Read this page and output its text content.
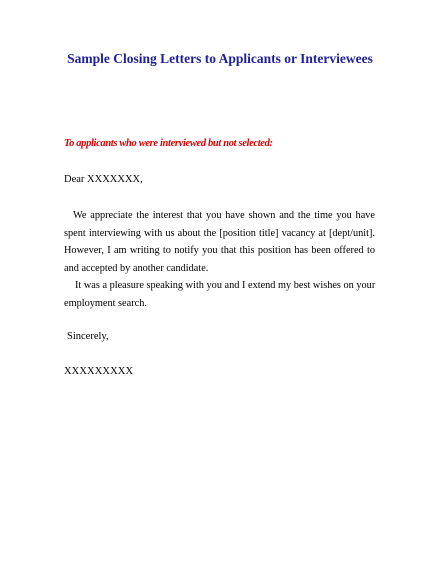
Sample Closing Letters to Applicants or Interviewees
To applicants who were interviewed but not selected:
Dear XXXXXXX,
We appreciate the interest that you have shown and the time you have
spent interviewing with us about the [position title] vacancy at [dept/unit].
However, I am writing to notify you that this position has been offered to
and accepted by another candidate.
It was a pleasure speaking with you and I extend my best wishes on your
employment search.
Sincerely,
XXXXXXXXX
